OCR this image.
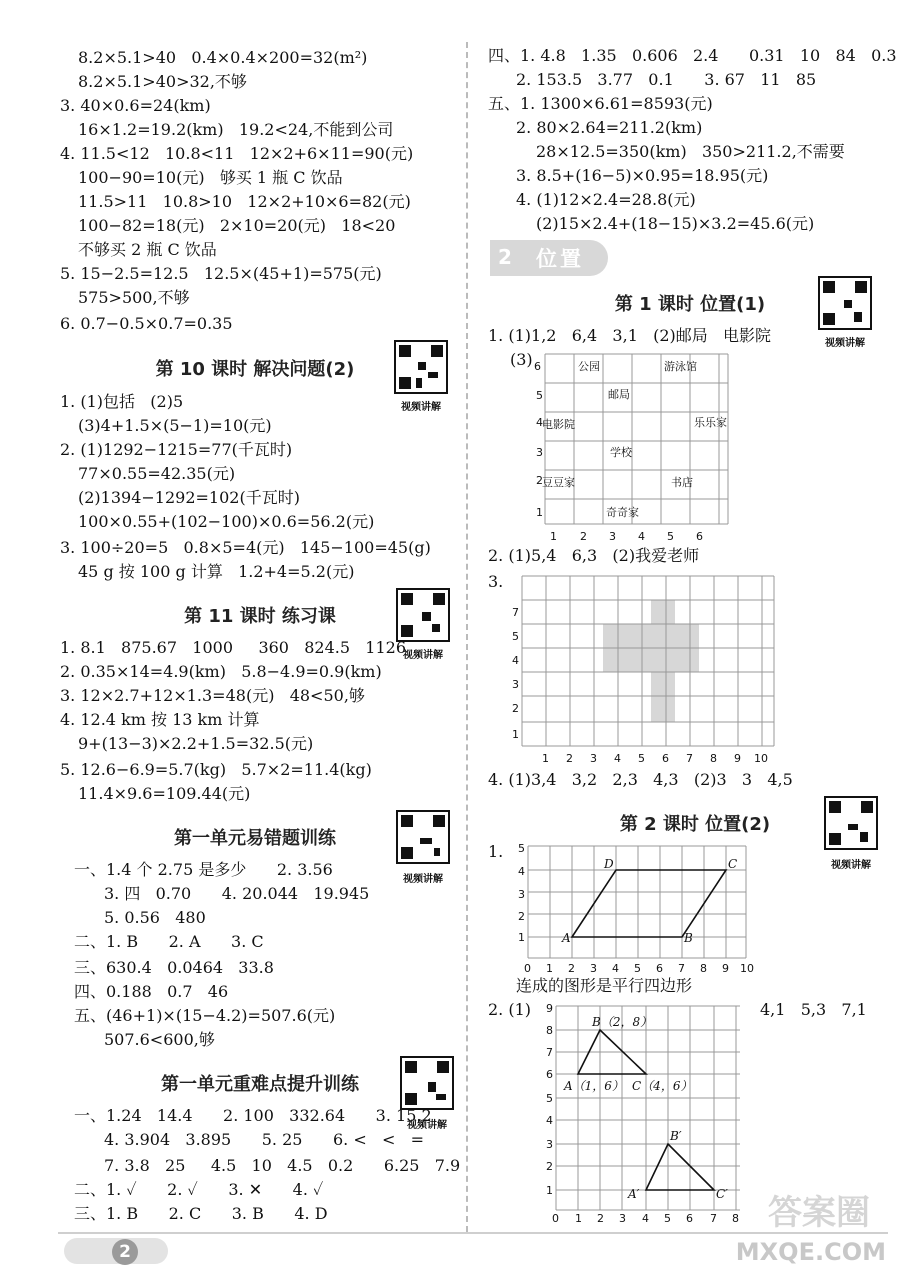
8.2×5.1>40   0.4×0.4×200=32(m²)
8.2×5.1>40>32,不够
3. 40×0.6=24(km)
16×1.2=19.2(km)   19.2<24,不能到公司
4. 11.5<12   10.8<11   12×2+6×11=90(元)
100−90=10(元)   够买 1 瓶 C 饮品
11.5>11   10.8>10   12×2+10×6=82(元)
100−82=18(元)   2×10=20(元)   18<20
不够买 2 瓶 C 饮品
5. 15−2.5=12.5   12.5×(45+1)=575(元)
575>500,不够
6. 0.7−0.5×0.7=0.35
第 10 课时 解决问题(2)
视频讲解
1. (1)包括   (2)5
(3)4+1.5×(5−1)=10(元)
2. (1)1292−1215=77(千瓦时)
77×0.55=42.35(元)
(2)1394−1292=102(千瓦时)
100×0.55+(102−100)×0.6=56.2(元)
3. 100÷20=5   0.8×5=4(元)   145−100=45(g)
45 g 按 100 g 计算   1.2+4=5.2(元)
第 11 课时 练习课
视频讲解
1. 8.1   875.67   1000     360   824.5   1126
2. 0.35×14=4.9(km)   5.8−4.9=0.9(km)
3. 12×2.7+12×1.3=48(元)   48<50,够
4. 12.4 km 按 13 km 计算
9+(13−3)×2.2+1.5=32.5(元)
5. 12.6−6.9=5.7(kg)   5.7×2=11.4(kg)
11.4×9.6=109.44(元)
第一单元易错题训练
视频讲解
一、1.4 个 2.75 是多少      2. 3.56
3. 四   0.70      4. 20.044   19.945
5. 0.56   480
二、1. B      2. A      3. C
三、630.4   0.0464   33.8
四、0.188   0.7   46
五、(46+1)×(15−4.2)=507.6(元)
507.6<600,够
第一单元重难点提升训练
视频讲解
一、1.24   14.4      2. 100   332.64      3. 15.2
4. 3.904   3.895      5. 25      6. <   <   =
7. 3.8   25     4.5   10   4.5   0.2      6.25   7.9
二、1. ✓      2. ✓      3. ✕      4. ✓
三、1. B      2. C      3. B      4. D
四、1. 4.8   1.35   0.606   2.4      0.31   10   84   0.3
2. 153.5   3.77   0.1      3. 67   11   85
五、1. 1300×6.61=8593(元)
2. 80×2.64=211.2(km)
28×12.5=350(km)   350>211.2,不需要
3. 8.5+(16−5)×0.95=18.95(元)
4. (1)12×2.4=28.8(元)
(2)15×2.4+(18−15)×3.2=45.6(元)
2 位置
第 1 课时 位置(1)
视频讲解
1. (1)1,2   6,4   3,1   (2)邮局   电影院
(3) 6
4
5
3
2
1
1 2 3 4 5 6
公园	游泳馆
邮局
电影院	乐乐家
学校
豆豆家	书店
奇奇家
2. (1)5,4   6,3   (2)我爱老师
3.
7
5
4
3
2
1
1 2 3 4 5 6 7 8 9 10
4. (1)3,4   3,2   2,3   4,3   (2)3   3   4,5
第 2 课时 位置(2)
视频讲解
1. 5
4
3
2
1
0 1 2 3 4 5 6 7 8 9 10
A	B
C
D
连成的图形是平行四边形
2. (1)	4,1   5,3   7,1
9
8
7
6
5
4
3
2
1
0 1 2 3 4 5 6 7 8
B（2，8）
A（1，6） C（4，6）
B′
A′	C′
2
答案圈
MXQE.COM
